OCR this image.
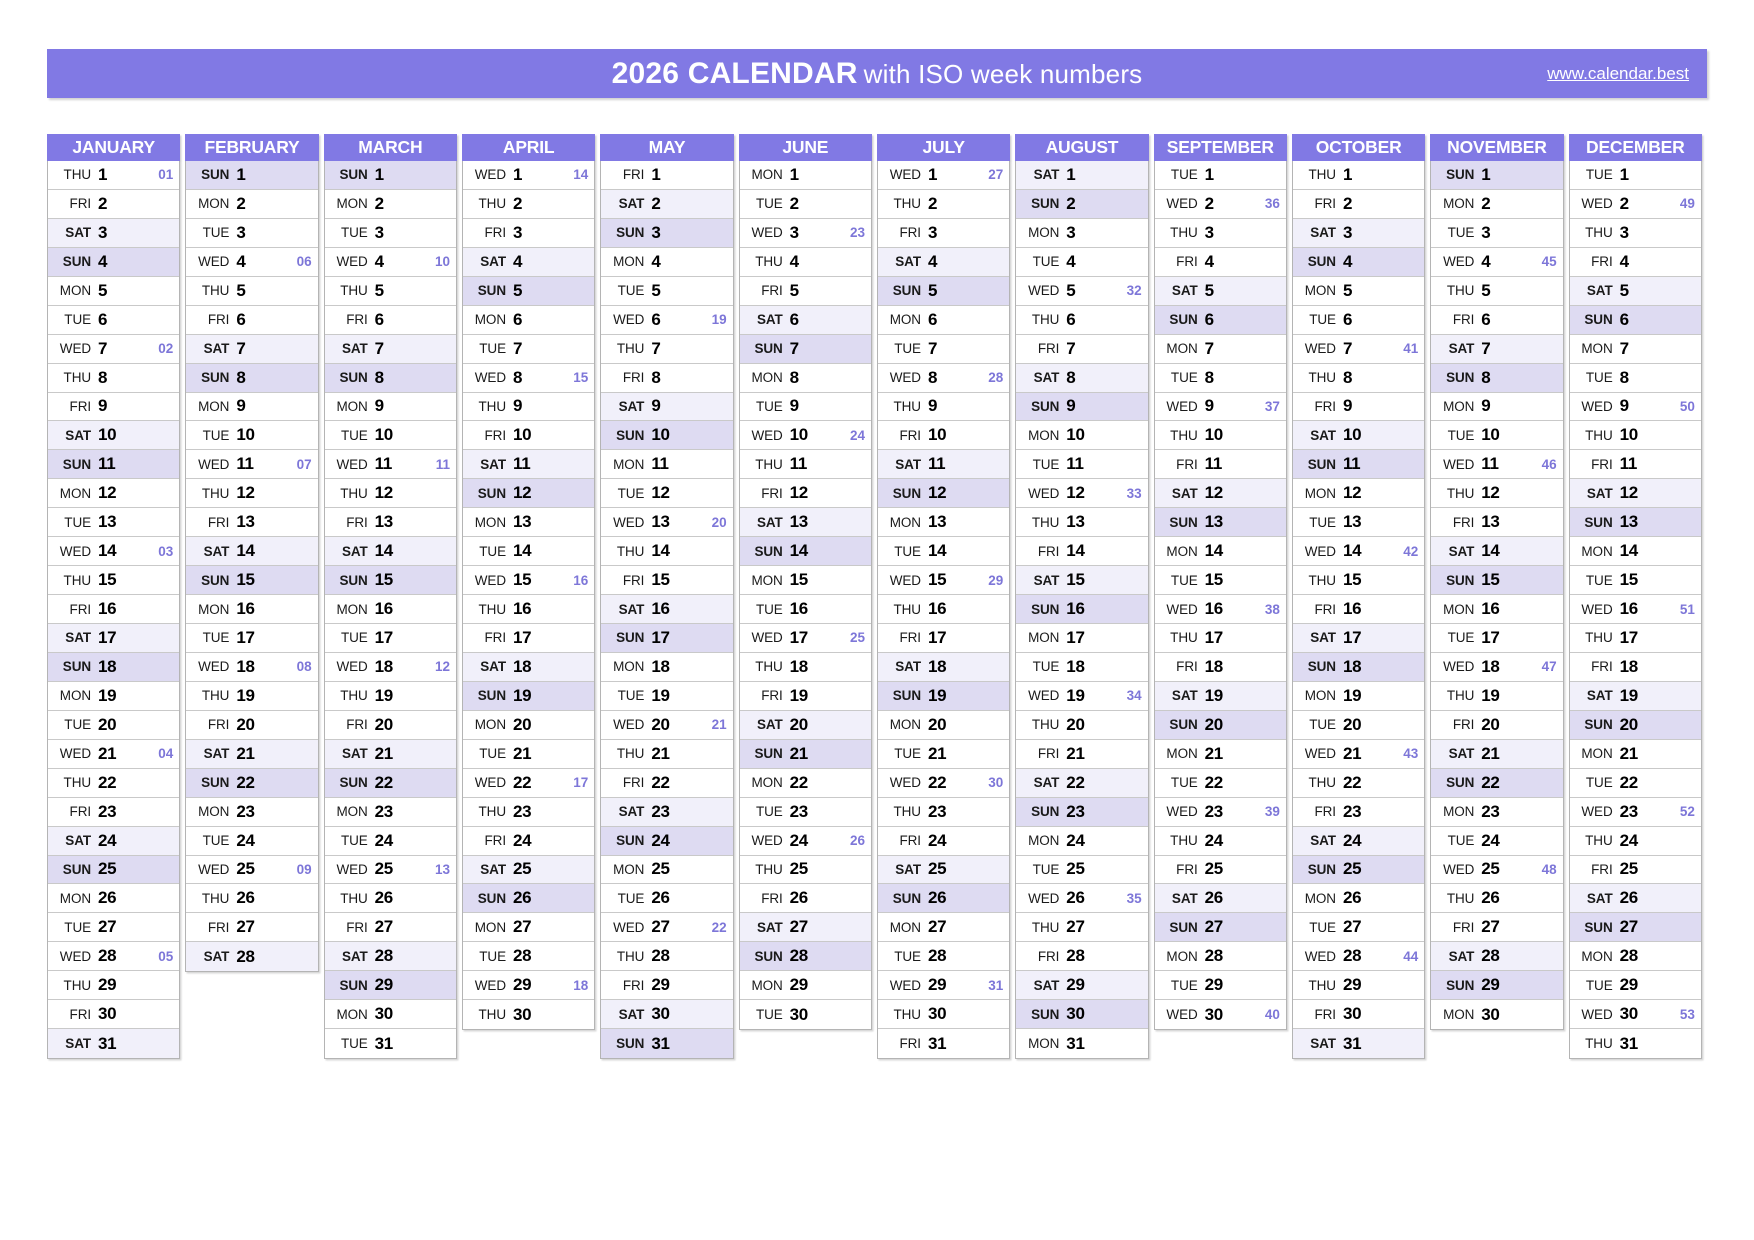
2026 CALENDAR with ISO week numbers	www.calendar.best
JANUARY
THU 1	01
FRI 2
SAT 3
SUN 4
MON 5
TUE 6
WED 7	02
THU 8
FRI 9
SAT 10
SUN 11
MON 12
TUE 13
WED 14	03
THU 15
FRI 16
SAT 17
SUN 18
MON 19
TUE 20
WED 21	04
THU 22
FRI 23
SAT 24
SUN 25
MON 26
TUE 27
WED 28	05
THU 29
FRI 30
SAT 31
FEBRUARY
SUN 1
MON 2
TUE 3
WED 4	06
THU 5
FRI 6
SAT 7
SUN 8
MON 9
TUE 10
WED 11	07
THU 12
FRI 13
SAT 14
SUN 15
MON 16
TUE 17
WED 18	08
THU 19
FRI 20
SAT 21
SUN 22
MON 23
TUE 24
WED 25	09
THU 26
FRI 27
SAT 28
MARCH
SUN 1
MON 2
TUE 3
WED 4	10
THU 5
FRI 6
SAT 7
SUN 8
MON 9
TUE 10
WED 11	11
THU 12
FRI 13
SAT 14
SUN 15
MON 16
TUE 17
WED 18	12
THU 19
FRI 20
SAT 21
SUN 22
MON 23
TUE 24
WED 25	13
THU 26
FRI 27
SAT 28
SUN 29
MON 30
TUE 31
APRIL
WED 1	14
THU 2
FRI 3
SAT 4
SUN 5
MON 6
TUE 7
WED 8	15
THU 9
FRI 10
SAT 11
SUN 12
MON 13
TUE 14
WED 15	16
THU 16
FRI 17
SAT 18
SUN 19
MON 20
TUE 21
WED 22	17
THU 23
FRI 24
SAT 25
SUN 26
MON 27
TUE 28
WED 29	18
THU 30
MAY
FRI 1
SAT 2
SUN 3
MON 4
TUE 5
WED 6	19
THU 7
FRI 8
SAT 9
SUN 10
MON 11
TUE 12
WED 13	20
THU 14
FRI 15
SAT 16
SUN 17
MON 18
TUE 19
WED 20	21
THU 21
FRI 22
SAT 23
SUN 24
MON 25
TUE 26
WED 27	22
THU 28
FRI 29
SAT 30
SUN 31
JUNE
MON 1
TUE 2
WED 3	23
THU 4
FRI 5
SAT 6
SUN 7
MON 8
TUE 9
WED 10	24
THU 11
FRI 12
SAT 13
SUN 14
MON 15
TUE 16
WED 17	25
THU 18
FRI 19
SAT 20
SUN 21
MON 22
TUE 23
WED 24	26
THU 25
FRI 26
SAT 27
SUN 28
MON 29
TUE 30
JULY
WED 1	27
THU 2
FRI 3
SAT 4
SUN 5
MON 6
TUE 7
WED 8	28
THU 9
FRI 10
SAT 11
SUN 12
MON 13
TUE 14
WED 15	29
THU 16
FRI 17
SAT 18
SUN 19
MON 20
TUE 21
WED 22	30
THU 23
FRI 24
SAT 25
SUN 26
MON 27
TUE 28
WED 29	31
THU 30
FRI 31
AUGUST
SAT 1
SUN 2
MON 3
TUE 4
WED 5	32
THU 6
FRI 7
SAT 8
SUN 9
MON 10
TUE 11
WED 12	33
THU 13
FRI 14
SAT 15
SUN 16
MON 17
TUE 18
WED 19	34
THU 20
FRI 21
SAT 22
SUN 23
MON 24
TUE 25
WED 26	35
THU 27
FRI 28
SAT 29
SUN 30
MON 31
SEPTEMBER
TUE 1
WED 2	36
THU 3
FRI 4
SAT 5
SUN 6
MON 7
TUE 8
WED 9	37
THU 10
FRI 11
SAT 12
SUN 13
MON 14
TUE 15
WED 16	38
THU 17
FRI 18
SAT 19
SUN 20
MON 21
TUE 22
WED 23	39
THU 24
FRI 25
SAT 26
SUN 27
MON 28
TUE 29
WED 30	40
OCTOBER
THU 1
FRI 2
SAT 3
SUN 4
MON 5
TUE 6
WED 7	41
THU 8
FRI 9
SAT 10
SUN 11
MON 12
TUE 13
WED 14	42
THU 15
FRI 16
SAT 17
SUN 18
MON 19
TUE 20
WED 21	43
THU 22
FRI 23
SAT 24
SUN 25
MON 26
TUE 27
WED 28	44
THU 29
FRI 30
SAT 31
NOVEMBER
SUN 1
MON 2
TUE 3
WED 4	45
THU 5
FRI 6
SAT 7
SUN 8
MON 9
TUE 10
WED 11	46
THU 12
FRI 13
SAT 14
SUN 15
MON 16
TUE 17
WED 18	47
THU 19
FRI 20
SAT 21
SUN 22
MON 23
TUE 24
WED 25	48
THU 26
FRI 27
SAT 28
SUN 29
MON 30
DECEMBER
TUE 1
WED 2	49
THU 3
FRI 4
SAT 5
SUN 6
MON 7
TUE 8
WED 9	50
THU 10
FRI 11
SAT 12
SUN 13
MON 14
TUE 15
WED 16	51
THU 17
FRI 18
SAT 19
SUN 20
MON 21
TUE 22
WED 23	52
THU 24
FRI 25
SAT 26
SUN 27
MON 28
TUE 29
WED 30	53
THU 31
